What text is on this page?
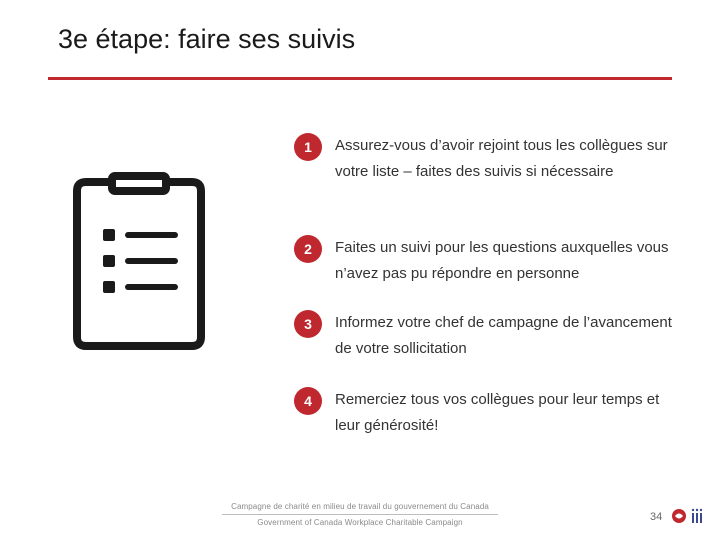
3e étape: faire ses suivis
1	Assurez-vous d’avoir rejoint tous les collègues sur votre liste – faites des suivis si nécessaire
2	Faites un suivi pour les questions auxquelles vous n’avez pas pu répondre en personne
3	Informez votre chef de campagne de l’avancement de votre sollicitation
4	Remerciez tous vos collègues pour leur temps et leur générosité!
Campagne de charité en milieu de travail du gouvernement du Canada
Government of Canada Workplace Charitable Campaign	34
